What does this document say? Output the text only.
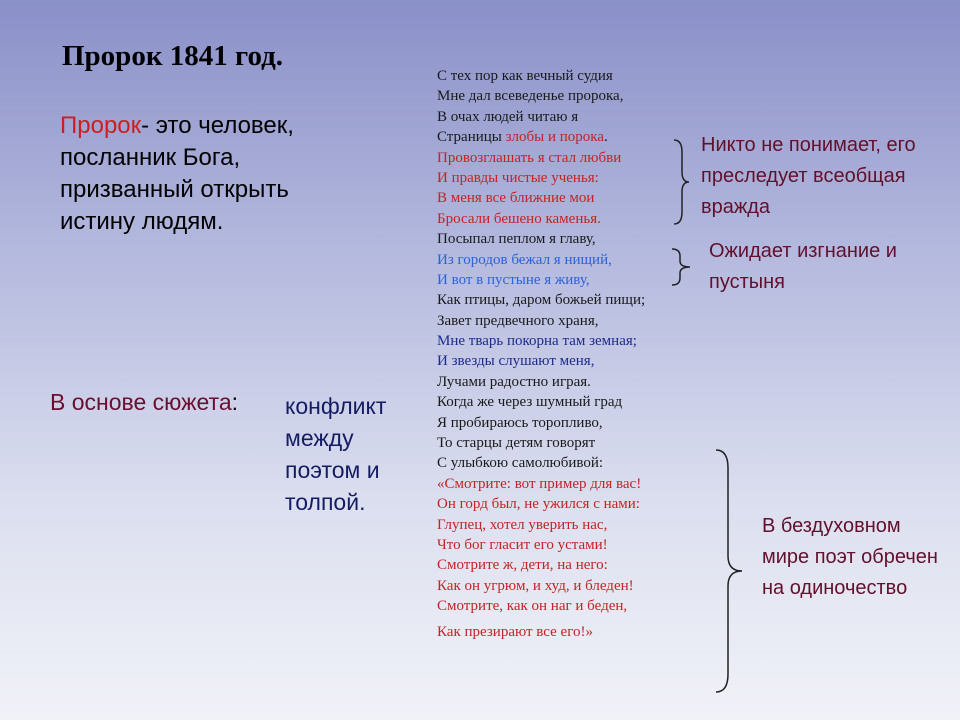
Пророк 1841 год.

Пророк- это человек, посланник Бога, призванный открыть истину людям.

В основе сюжета: конфликт между поэтом и толпой.

С тех пор как вечный судия
Мне дал всеведенье пророка,
В очах людей читаю я
Страницы злобы и порока.
Провозглашать я стал любви
И правды чистые ученья:
В меня все ближние мои
Бросали бешено каменья.
Посыпал пеплом я главу,
Из городов бежал я нищий,
И вот в пустыне я живу,
Как птицы, даром божьей пищи;
Завет предвечного храня,
Мне тварь покорна там земная;
И звезды слушают меня,
Лучами радостно играя.
Когда же через шумный град
Я пробираюсь торопливо,
То старцы детям говорят
С улыбкою самолюбивой:
«Смотрите: вот пример для вас!
Он горд был, не ужился с нами:
Глупец, хотел уверить нас,
Что бог гласит его устами!
Смотрите ж, дети, на него:
Как он угрюм, и худ, и бледен!
Смотрите, как он наг и беден,
Как презирают все его!»

Никто не понимает, его преследует всеобщая вражда

Ожидает изгнание и пустыня

В бездуховном мире поэт обречен на одиночество
